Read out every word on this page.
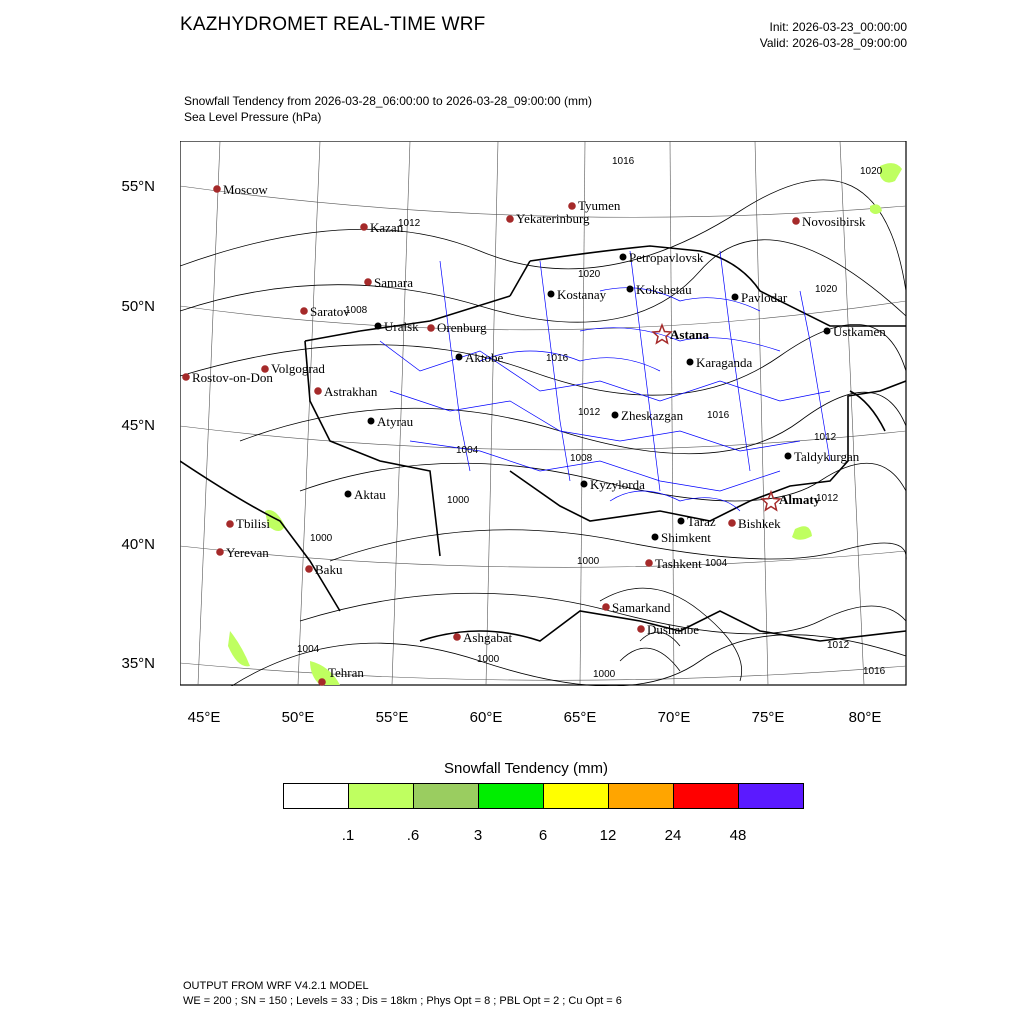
KAZHYDROMET REAL-TIME WRF	Init: 2026-03-23_00:00:00
Valid: 2026-03-28_09:00:00
Snowfall Tendency from 2026-03-28_06:00:00 to 2026-03-28_09:00:00 (mm)
Sea Level Pressure (hPa)
55°N
50°N
45°N
40°N
35°N
45°E	50°E	55°E	60°E	65°E	70°E	75°E	80°E
1016
1020
1012
1020
1008
1020
1016
1012	1016
1012
1004
1008
1000
1000
1000	1004
1004
1000
1000
1012
1016
1012
Moscow
Kazan
Tyumen
Yekaterinburg	Novosibirsk
Samara
Saratov
Orenburg
Volgograd
Rostov-on-Don
Astrakhan
Tbilisi
Yerevan
Baku
Bishkek
Tashkent
Samarkand
Dushanbe
Ashgabat
Tehran
Petropavlovsk
Kostanay Kokshetau
Pavlodar
Uralsk
Aktobe
Astana	Ustkamen
Karaganda
Atyrau	Zheskazgan
Taldykurgan
Kyzylorda
Aktau	Almaty
Taraz
Shimkent
Snowfall Tendency (mm)
.1	.6	3	6	12	24	48
OUTPUT FROM WRF V4.2.1 MODEL
WE = 200 ; SN = 150 ; Levels = 33 ; Dis = 18km ; Phys Opt = 8 ; PBL Opt = 2 ; Cu Opt = 6
